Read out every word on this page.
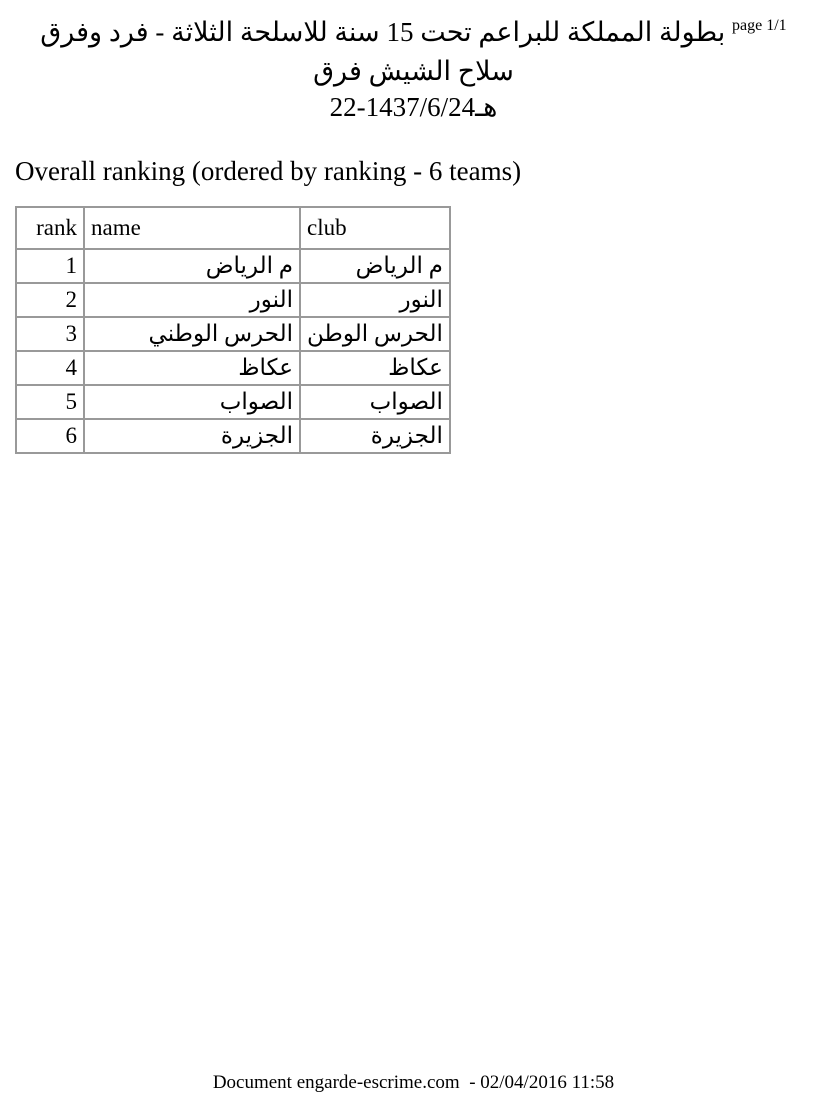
بطولة المملكة للبراعم تحت 15 سنة للاسلحة الثلاثة - فرد وفرق $^{page 1/1}$
سلاح الشيش فرق
22-1437/6/24هـ
Overall ranking (ordered by ranking - 6 teams)
rank	name	club
1	م الرياض	م الرياض
2	النور	النور
3	الحرس الوطني	الحرس الوطن
4	عكاظ	عكاظ
5	الصواب	الصواب
6	الجزيرة	الجزيرة
Document engarde-escrime.com  - 02/04/2016 11:58
